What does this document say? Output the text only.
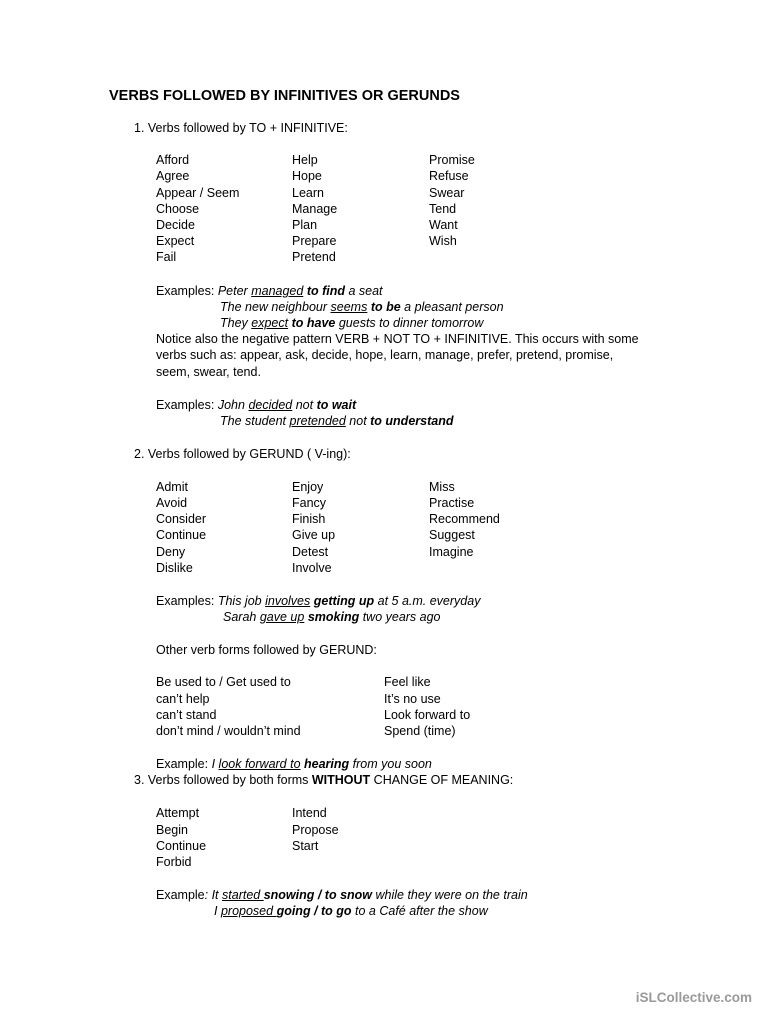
VERBS FOLLOWED BY INFINITIVES OR GERUNDS
1. Verbs followed by TO + INFINITIVE:
Afford
Agree
Appear / Seem
Choose
Decide
Expect
Fail
Help
Hope
Learn
Manage
Plan
Prepare
Pretend
Promise
Refuse
Swear
Tend
Want
Wish
Examples: Peter managed to find a seat
The new neighbour seems to be a pleasant person
They expect to have guests to dinner tomorrow
Notice also the negative pattern VERB + NOT TO + INFINITIVE. This occurs with some
verbs such as: appear, ask, decide, hope, learn, manage, prefer, pretend, promise,
seem, swear, tend.
Examples: John decided not to wait
The student pretended not to understand
2. Verbs followed by GERUND ( V-ing):
Admit
Avoid
Consider
Continue
Deny
Dislike
Enjoy
Fancy
Finish
Give up
Detest
Involve
Miss
Practise
Recommend
Suggest
Imagine
Examples: This job involves getting up at 5 a.m. everyday
Sarah gave up smoking two years ago
Other verb forms followed by GERUND:
Be used to / Get used to
can’t help
can’t stand
don’t mind / wouldn’t mind
Feel like
It’s no use
Look forward to
Spend (time)
Example: I look forward to hearing from you soon
3. Verbs followed by both forms WITHOUT CHANGE OF MEANING:
Attempt
Begin
Continue
Forbid
Intend
Propose
Start
Example: It started snowing / to snow while they were on the train
I proposed going / to go to a Café after the show
iSLCollective.com
